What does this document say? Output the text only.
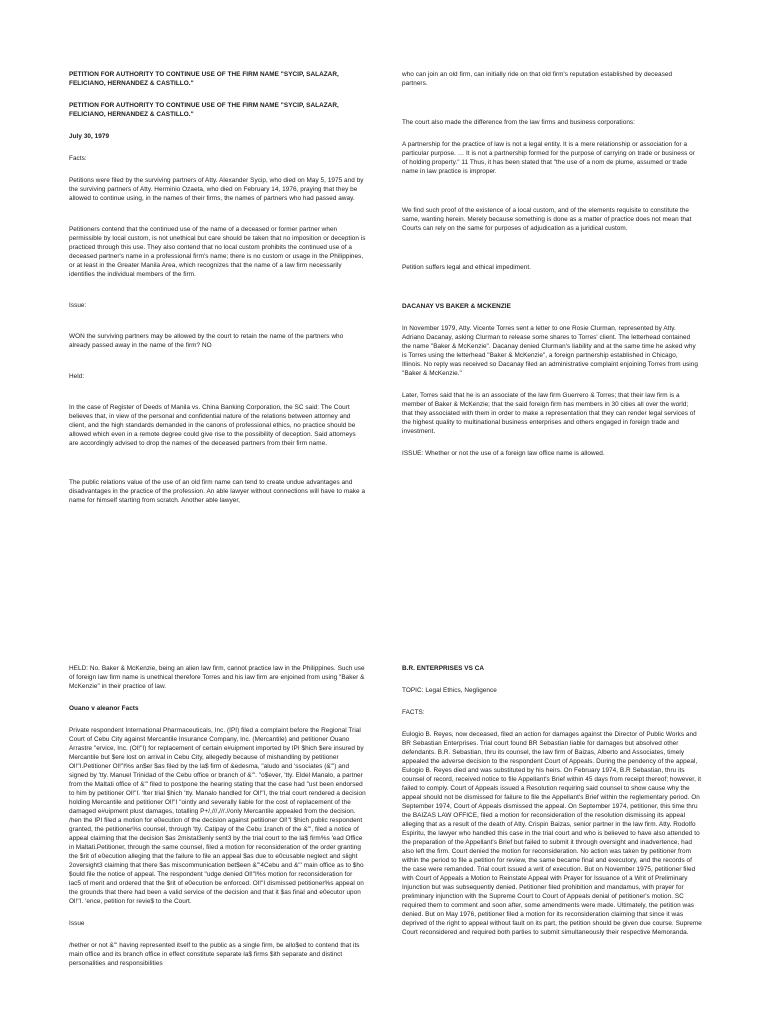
PETITION FOR AUTHORITY TO CONTINUE USE OF THE FIRM NAME "SYCIP, SALAZAR, FELICIANO, HERNANDEZ & CASTILLO."

PETITION FOR AUTHORITY TO CONTINUE USE OF THE FIRM NAME "SYCIP, SALAZAR, FELICIANO, HERNANDEZ & CASTILLO."

July 30, 1979

Facts:

Petitions were filed by the surviving partners of Atty. Alexander Sycip, who died on May 5, 1975 and by the surviving partners of Atty. Herminio Ozaeta, who died on February 14, 1976, praying that they be allowed to continue using, in the names of their firms, the names of partners who had passed away.

Petitioners contend that the continued use of the name of a deceased or former partner when permissible by local custom, is not unethical but care should be taken that no imposition or deception is practiced through this use. They also contend that no local custom prohibits the continued use of a deceased partner's name in a professional firm's name; there is no custom or usage in the Philippines, or at least in the Greater Manila Area, which recognizes that the name of a law firm necessarily identifies the individual members of the firm.

Issue:

WON the surviving partners may be allowed by the court to retain the name of the partners who already passed away in the name of the firm? NO

Held:

In the case of Register of Deeds of Manila vs. China Banking Corporation, the SC said: The Court believes that, in view of the personal and confidential nature of the relations between attorney and client, and the high standards demanded in the canons of professional ethics, no practice should be allowed which even in a remote degree could give rise to the possibility of deception. Said attorneys are accordingly advised to drop the names of the deceased partners from their firm name.

The public relations value of the use of an old firm name can tend to create undue advantages and disadvantages in the practice of the profession. An able lawyer without connections will have to make a name for himself starting from scratch. Another able lawyer,

who can join an old firm, can initially ride on that old firm's reputation established by deceased partners.

The court also made the difference from the law firms and business corporations:

A partnership for the practice of law is not a legal entity. It is a mere relationship or association for a particular purpose. … It is not a partnership formed for the purpose of carrying on trade or business or of holding property." 11 Thus, it has been stated that "the use of a nom de plume, assumed or trade name in law practice is improper.

We find such proof of the existence of a local custom, and of the elements requisite to constitute the same, wanting herein. Merely because something is done as a matter of practice does not mean that Courts can rely on the same for purposes of adjudication as a juridical custom.

Petition suffers legal and ethical impediment.

DACANAY VS BAKER & MCKENZIE

In November 1979, Atty. Vicente Torres sent a letter to one Rosie Clurman, represented by Atty. Adriano Dacanay, asking Clurman to release some shares to Torres' client. The letterhead contained the name "Baker & McKenzie". Dacanay denied Clurman's liability and at the same time he asked why is Torres using the letterhead "Baker & McKenzie", a foreign partnership established in Chicago, Illinois. No reply was received so Dacanay filed an administrative complaint enjoining Torres from using "Baker & McKenzie."

Later, Torres said that he is an associate of the law firm Guerrero & Torres; that their law firm is a member of Baker & McKenzie; that the said foreign firm has members in 30 cities all over the world; that they associated with them in order to make a representation that they can render legal services of the highest quality to multinational business enterprises and others engaged in foreign trade and investment.

ISSUE: Whether or not the use of a foreign law office name is allowed.

HELD: No. Baker & McKenzie, being an alien law firm, cannot practice law in the Philippines. Such use of foreign law firm name is unethical therefore Torres and his law firm are enjoined from using "Baker & McKenzie" in their practice of law.

Ouano v aleanor Facts

Private respondent International Pharmaceuticals, Inc. (IPI) filed a complaint before the Regional Trial Court of Cebu City against Mercantile Insurance Company, Inc. (Mercantile) and petitioner Ouano Arrastre "ervice, Inc. (Ol!"I) for replacement of certain e#uipment imported by IPI $hich $ere insured by Mercantile but $ere lost on arrival in Cebu City, allegedly because of mishandling by petitioner Ol!"I.Petitioner Ol!"I%s an$er $as filed by the la$ firm of &edesma, "aludo and 'ssociates (&"') and signed by 'tty. Manuel Trinidad of the Cebu office or branch of &"'. "o$ever, 'tty. Eldel Manalo, a partner from the Maltati office of &"' filed to postpone the hearing stating that the case had "ust been endorsed to him by petitioner Ol!"I. 'fter trial $hich 'tty. Manalo handled for Ol!"I, the trial court rendered a decision holding Mercantile and petitioner Ol!"I "ointly and severally liable for the cost of replacement of the damaged e#uipment plust damages, totalling P+/,///,///.//only Mercantile appealed from the decision. /hen the IPI filed a motion for e0ecution of the decision against petitioner Ol!"I $hich public respondent granted, the petitioner%s counsel, through 'tty. Catipay of the Cebu 1ranch of the &"', filed a notice of appeal claiming that the decision $as 2mistal3enly sent3 by the trial court to the la$ firm%s 'ead Office in Maltati.Petitioner, through the same counsel, filed a motion for reconsideration of the order granting the $rit of e0ecution alleging that the failure to file an appeal $as due to e0cusable neglect and slight 2oversight3 claiming that there $as miscommunication bet$een &"'4Cebu and &"' main office as to $ho $ould file the notice of appeal. The respondent "udge denied Ol!"I%s motion for reconsideration for lac5 of merit and ordered that the $rit of e0ecution be enforced. Ol!"I dismissed petitioner%s appeal on the grounds that there had been a valid service of the decision and that it $as final and e0ecutor upon Ol!"I. 'ence, petition for revie$ to the Court.

Issue

/hether or not &"' having represented itself to the public as a single firm, be allo$ed to contend that its main office and its branch office in effect constitute separate la$ firms $ith separate and distinct personalities and responsibilities

B.R. ENTERPRISES VS CA

TOPIC: Legal Ethics, Negligence

FACTS:

Eulogio B. Reyes, now deceased, filed an action for damages against the Director of Public Works and BR Sebastian Enterprises. Trial court found BR Sebastian liable for damages but absolved other defendants. B.R. Sebastian, thru its counsel, the law firm of Baizas, Alberto and Associates, timely appealed the adverse decision to the respondent Court of Appeals. During the pendency of the appeal, Eulogio B. Reyes died and was substituted by his heirs. On February 1974, B.R Sebastian, thru its counsel of record, received notice to file Appellant's Brief within 45 days from receipt thereof; however, it failed to comply. Court of Appeals issued a Resolution requiring said counsel to show cause why the appeal should not be dismissed for failure to file the Appellant's Brief within the reglementary period. On September 1974, Court of Appeals dismissed the appeal. On September 1974, petitioner, this time thru the BAIZAS LAW OFFICE, filed a motion for reconsideration of the resolution dismissing its appeal alleging that as a result of the death of Atty. Crispin Baizas, senior partner in the law firm. Atty. Rodolfo Espiritu, the lawyer who handled this case in the trial court and who is believed to have also attended to the preparation of the Appellant's Brief but failed to submit it through oversight and inadvertence, had also left the firm. Court denied the motion for reconsideration. No action was taken by petitioner from within the period to file a petition for review, the same became final and executory, and the records of the case were remanded. Trial court issued a writ of execution. But on November 1975, petitioner filed with Court of Appeals a Motion to Reinstate Appeal with Prayer for Issuance of a Writ of Preliminary Injunction but was subsequently denied. Petitioner filed prohibition and mandamus, with prayer for preliminary injunction with the Supreme Court to Court of Appeals denial of petitioner's motion. SC required them to comment and soon after, some amendments were made. Ultimately, the petition was denied. But on May 1976, petitioner filed a motion for its reconsideration claiming that since it was deprived of the right to appeal without fault on its part, the petition should be given due course. Supreme Court reconsidered and required both parties to submit simultaneously their respective Memoranda.
